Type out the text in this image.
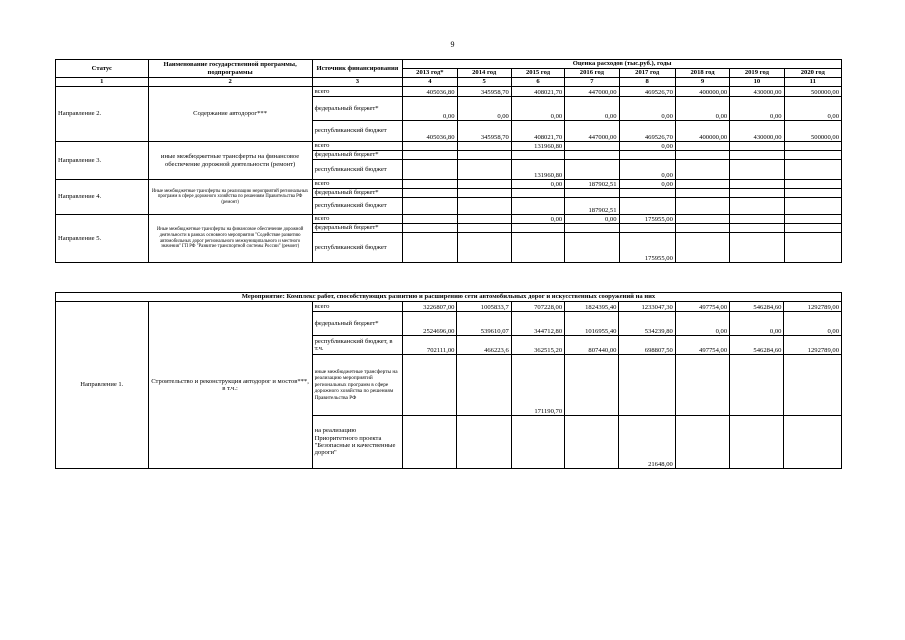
9
Статус	Наименование государственной программы, подпрограммы	Источник финансирования	Оценка расходов (тыс.руб.), годы							
			2013 год*	2014 год	2015 год	2016 год	2017 год	2018 год	2019 год	2020 год
1	2	3	4	5	6	7	8	9	10	11
Направление 2.	Содержание автодорог***	всего	405036,80	345958,70	408021,70	447000,00	469526,70	400000,00	430000,00	500000,00
		федеральный бюджет*	0,00	0,00	0,00	0,00	0,00	0,00	0,00	0,00
		республиканский бюджет	405036,80	345958,70	408021,70	447000,00	469526,70	400000,00	430000,00	500000,00
Направление 3.	иные межбюджетные трансферты на финансовое обеспечение дорожной деятельности (ремонт)	всего			131960,80		0,00			
		федеральный бюджет*								
		республиканский бюджет			131960,80		0,00			
Направление 4.	Иные межбюджетные трансферты на реализацию мероприятий региональных программ в сфере дорожного хозяйства по решениям Правительства РФ (ремонт)	всего			0,00	187902,51	0,00			
		федеральный бюджет*								
		республиканский бюджет				187902,51				
Направление 5.	Иные межбюджетные трансферты на финансовое обеспечение дорожной деятельности в рамках основного мероприятия "Содействие развитию автомобильных дорог регионального межмуниципального и местного значения" ГП РФ "Развитие транспортной системы России" (ремонт)	всего			0,00	0,00	175955,00			
		федеральный бюджет*								
		республиканский бюджет					175955,00			
Мероприятие: Комплекс работ, способствующих развитию и расширению сети автомобильных дорог и искусственных сооружений на них										
Направление 1.	Строительство и реконструкция автодорог и мостов***, в т.ч.:	всего	3226807,00	1005833,7	707228,00	1824395,40	1233047,30	497754,00	546284,60	1292789,00
		федеральный бюджет*	2524696,00	539610,07	344712,80	1016955,40	534239,80	0,00	0,00	0,00
		республиканский бюджет, в т.ч.	702111,00	466223,6	362515,20	807440,00	698807,50	497754,00	546284,60	1292789,00
		иные межбюджетные трансферты на реализацию мероприятий региональных программ в сфере дорожного хозяйства по решениям Правительства РФ			171190,70					
		на реализацию Приоритетного проекта "Безопасные и качественные дороги"					21648,00			
